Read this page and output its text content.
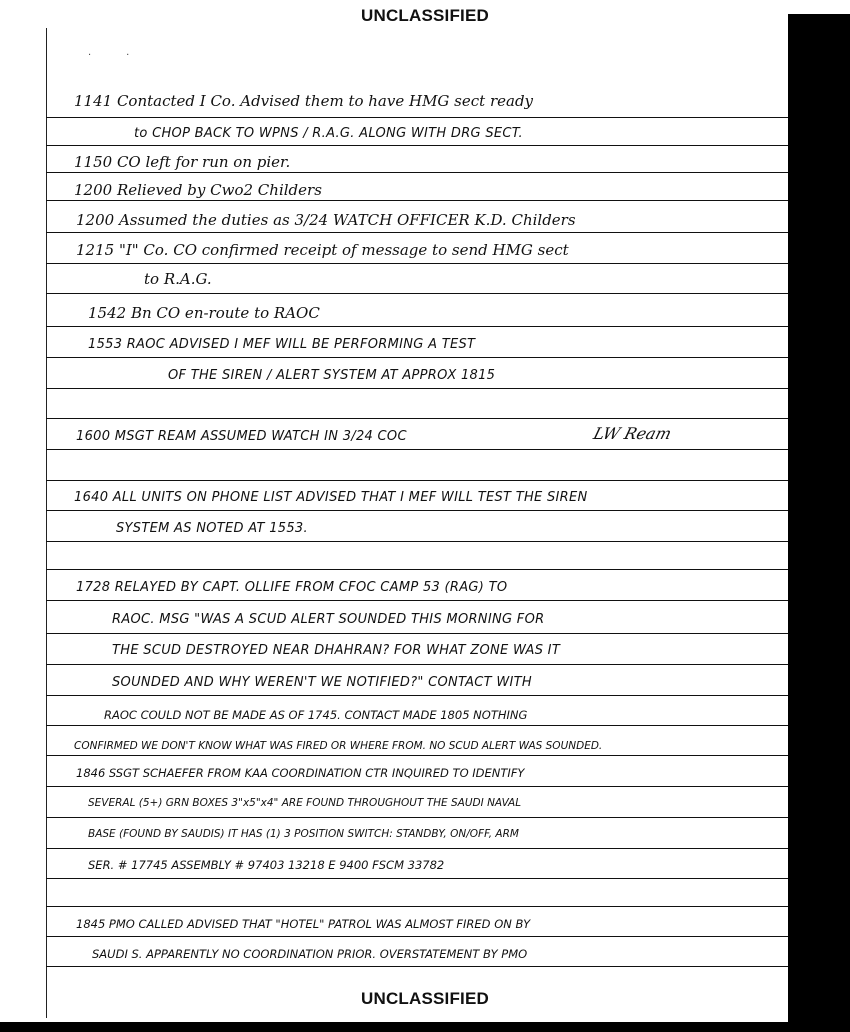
UNCLASSIFIED
·           ·
1141 Contacted I Co. Advised them to have HMG sect ready
to CHOP BACK TO WPNS / R.A.G. ALONG WITH DRG SECT.
1150 CO left for run on pier.
1200 Relieved by Cwo2 Childers
1200 Assumed the duties as 3/24 WATCH OFFICER K.D. Childers
1215 "I" Co. CO confirmed receipt of message to send HMG sect
to R.A.G.
1542 Bn CO en-route to RAOC
1553 RAOC ADVISED I MEF WILL BE PERFORMING A TEST
OF THE SIREN / ALERT SYSTEM AT APPROX 1815
1600 MSGT REAM ASSUMED WATCH IN 3/24 COC	LW Ream
1640 ALL UNITS ON PHONE LIST ADVISED THAT I MEF WILL TEST THE SIREN
SYSTEM AS NOTED AT 1553.
1728 RELAYED BY CAPT. OLLIFE FROM CFOC CAMP 53 (RAG) TO
RAOC. MSG "WAS A SCUD ALERT SOUNDED THIS MORNING FOR
THE SCUD DESTROYED NEAR DHAHRAN? FOR WHAT ZONE WAS IT
SOUNDED AND WHY WEREN'T WE NOTIFIED?" CONTACT WITH
RAOC COULD NOT BE MADE AS OF 1745. CONTACT MADE 1805 NOTHING
CONFIRMED WE DON'T KNOW WHAT WAS FIRED OR WHERE FROM. NO SCUD ALERT WAS SOUNDED.
1846 SSGT SCHAEFER FROM KAA COORDINATION CTR INQUIRED TO IDENTIFY
SEVERAL (5+) GRN BOXES 3"x5"x4" ARE FOUND THROUGHOUT THE SAUDI NAVAL
BASE (FOUND BY SAUDIS) IT HAS (1) 3 POSITION SWITCH: STANDBY, ON/OFF, ARM
SER. # 17745 ASSEMBLY # 97403 13218 E 9400 FSCM 33782
1845 PMO CALLED ADVISED THAT "HOTEL" PATROL WAS ALMOST FIRED ON BY
SAUDI S. APPARENTLY NO COORDINATION PRIOR. OVERSTATEMENT BY PMO
UNCLASSIFIED
